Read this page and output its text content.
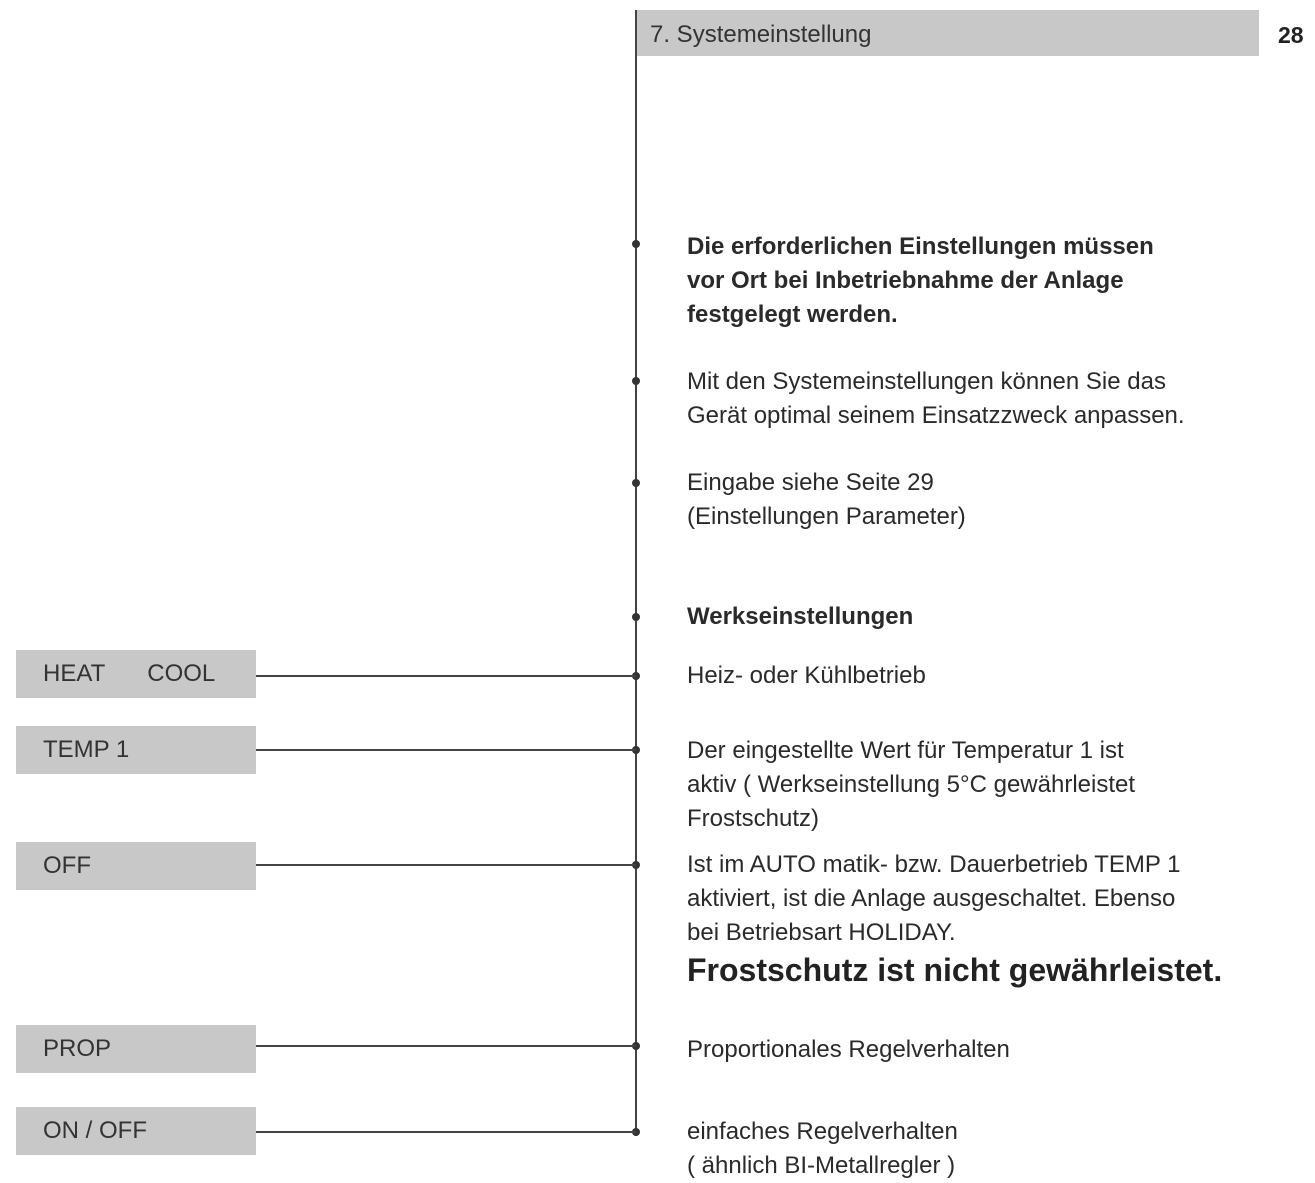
7. Systemeinstellung	28
Die erforderlichen Einstellungen müssen
vor Ort bei Inbetriebnahme der Anlage
festgelegt werden.
Mit den Systemeinstellungen können Sie das
Gerät optimal seinem Einsatzzweck anpassen.
Eingabe siehe Seite 29
(Einstellungen Parameter)
Werkseinstellungen
HEAT COOL	Heiz- oder Kühlbetrieb
TEMP 1	Der eingestellte Wert für Temperatur 1 ist
aktiv ( Werkseinstellung 5°C gewährleistet
Frostschutz)
OFF	Ist im AUTO matik- bzw. Dauerbetrieb TEMP 1
aktiviert, ist die Anlage ausgeschaltet. Ebenso
bei Betriebsart HOLIDAY.
Frostschutz ist nicht gewährleistet.
PROP	Proportionales Regelverhalten
ON / OFF	einfaches Regelverhalten
( ähnlich BI-Metallregler )
